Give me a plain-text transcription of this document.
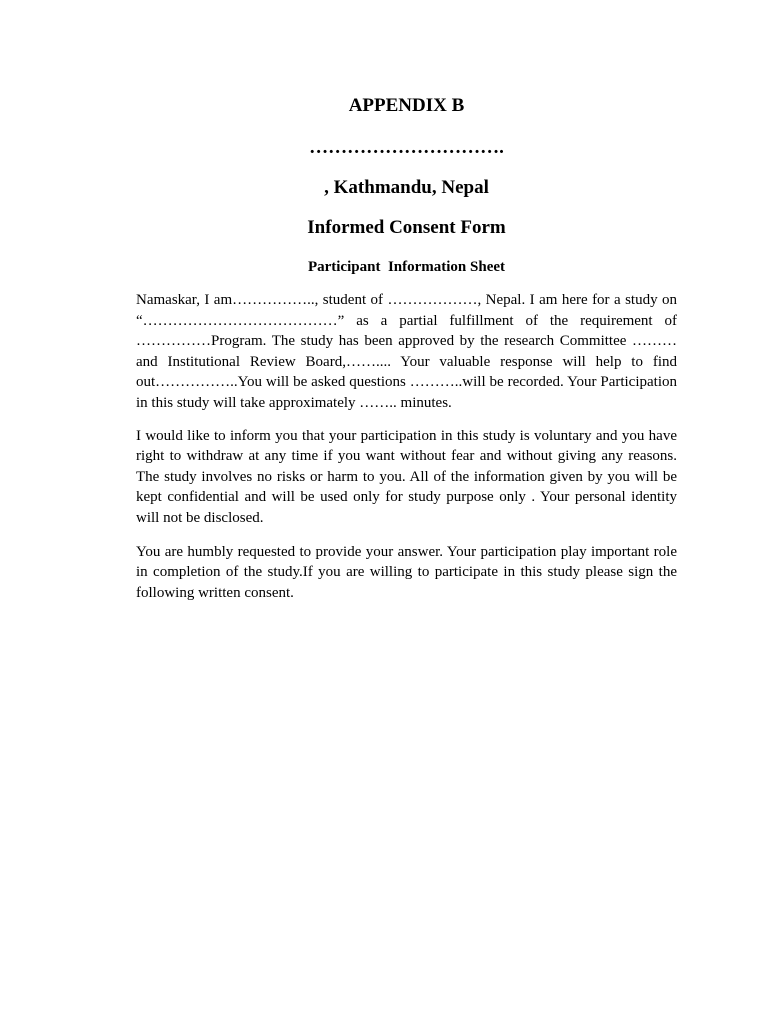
APPENDIX B

………………………….

, Kathmandu, Nepal
Informed Consent Form
Participant  Information Sheet

Namaskar, I am…………….., student of ………………, Nepal. I am here for a study on “…………………………………” as a partial fulfillment of the requirement of ……………Program. The study has been approved by the research Committee ……… and Institutional Review Board,…….... Your valuable response will help to find out……………..You will be asked questions ………..will be recorded. Your Participation in this study will take approximately …….. minutes.

I would like to inform you that your participation in this study is voluntary and you have right to withdraw at any time if you want without fear and without giving any reasons. The study involves no risks or harm to you. All of the information given by you will be kept confidential and will be used only for study purpose only . Your personal identity will not be disclosed.

You are humbly requested to provide your answer. Your participation play important role in completion of the study.If you are willing to participate in this study please sign the following written consent.
